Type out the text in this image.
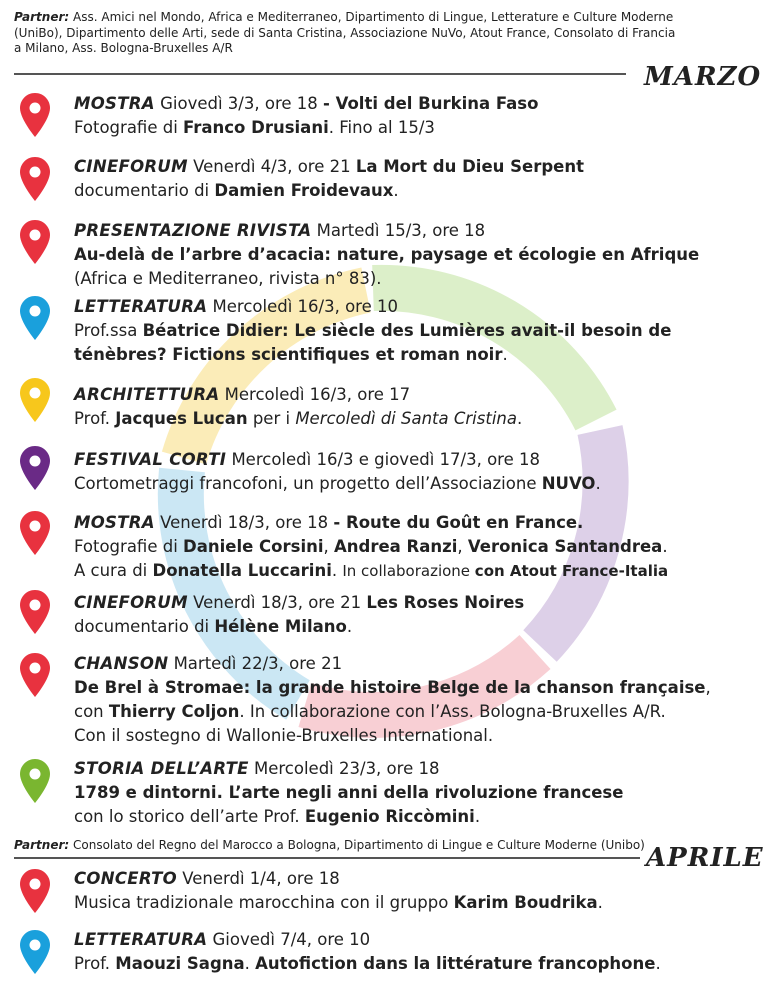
Partner: Ass. Amici nel Mondo, Africa e Mediterraneo, Dipartimento di Lingue, Letterature e Culture Moderne
(UniBo), Dipartimento delle Arti, sede di Santa Cristina, Associazione NuVo, Atout France, Consolato di Francia
a Milano, Ass. Bologna-Bruxelles A/R
MARZO
MOSTRA Giovedì 3/3, ore 18 - Volti del Burkina Faso
Fotografie di Franco Drusiani. Fino al 15/3
CINEFORUM Venerdì 4/3, ore 21 La Mort du Dieu Serpent
documentario di Damien Froidevaux.
PRESENTAZIONE RIVISTA Martedì 15/3, ore 18
Au-delà de l’arbre d’acacia: nature, paysage et écologie en Afrique
(Africa e Mediterraneo, rivista n° 83).
LETTERATURA Mercoledì 16/3, ore 10
Prof.ssa Béatrice Didier: Le siècle des Lumières avait-il besoin de
ténèbres? Fictions scientifiques et roman noir.
ARCHITETTURA Mercoledì 16/3, ore 17
Prof. Jacques Lucan per i Mercoledì di Santa Cristina.
FESTIVAL CORTI Mercoledì 16/3 e giovedì 17/3, ore 18
Cortometraggi francofoni, un progetto dell’Associazione NUVO.
MOSTRA Venerdì 18/3, ore 18 - Route du Goût en France.
Fotografie di Daniele Corsini, Andrea Ranzi, Veronica Santandrea.
A cura di Donatella Luccarini. In collaborazione con Atout France-Italia
CINEFORUM Venerdì 18/3, ore 21 Les Roses Noires
documentario di Hélène Milano.
CHANSON Martedì 22/3, ore 21
De Brel à Stromae: la grande histoire Belge de la chanson française,
con Thierry Coljon. In collaborazione con l’Ass. Bologna-Bruxelles A/R.
Con il sostegno di Wallonie-Bruxelles International.
STORIA DELL’ARTE Mercoledì 23/3, ore 18
1789 e dintorni. L’arte negli anni della rivoluzione francese
con lo storico dell’arte Prof. Eugenio Riccòmini.
Partner: Consolato del Regno del Marocco a Bologna, Dipartimento di Lingue e Culture Moderne (Unibo) APRILE
CONCERTO Venerdì 1/4, ore 18
Musica tradizionale marocchina con il gruppo Karim Boudrika.
LETTERATURA Giovedì 7/4, ore 10
Prof. Maouzi Sagna. Autofiction dans la littérature francophone.
